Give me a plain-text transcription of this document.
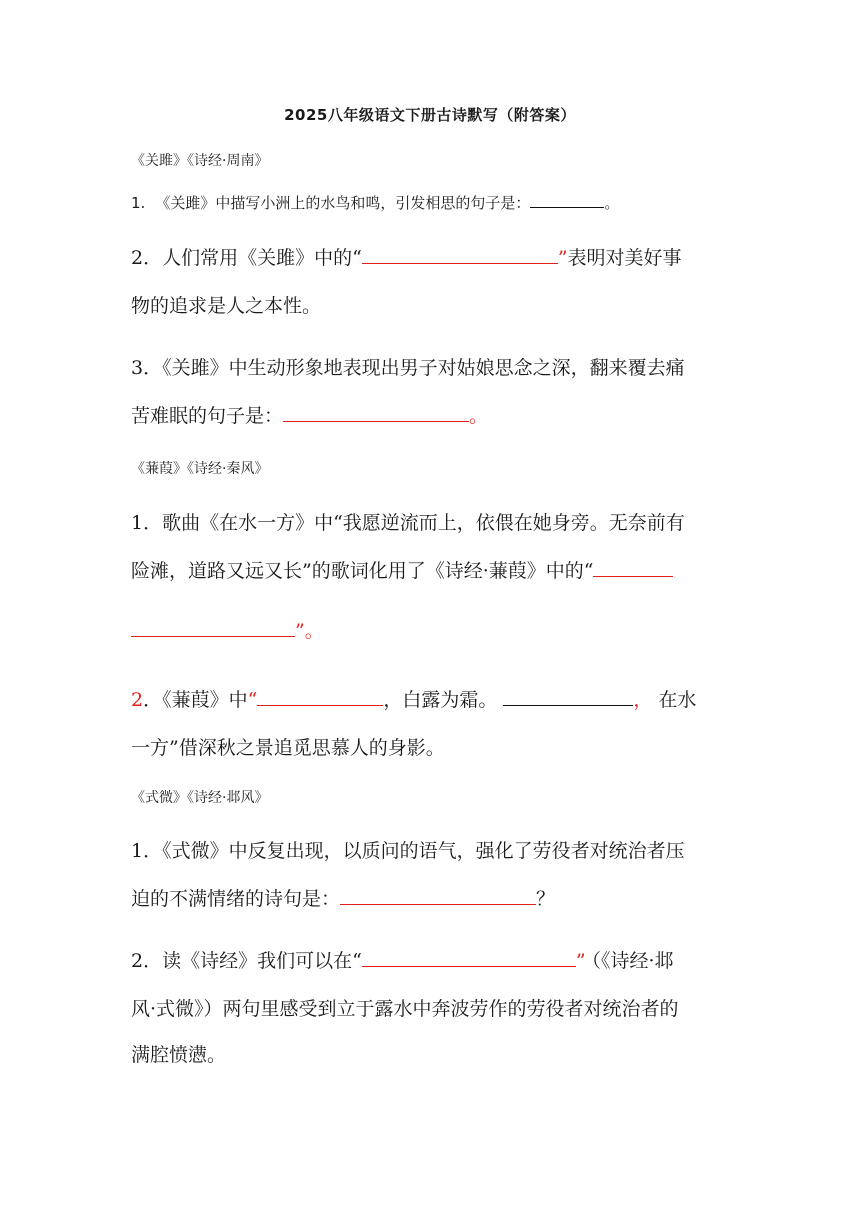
2025八年级语文下册古诗默写（附答案）
《关雎》《诗经·周南》
1. 《关雎》中描写小洲上的水鸟和鸣，引发相思的句子是：	。
2．人们常用《关雎》中的“	”表明对美好事
物的追求是人之本性。
3．《关雎》中生动形象地表现出男子对姑娘思念之深，翻来覆去痛
苦难眠的句子是：	。
《蒹葭》《诗经·秦风》
1．歌曲《在水一方》中“我愿逆流而上，依偎在她身旁。无奈前有
险滩，道路又远又长”的歌词化用了《诗经·蒹葭》中的“
”。
2．《蒹葭》中“	，白露为霜。	， 在水
一方”借深秋之景追觅思慕人的身影。
《式微》《诗经·邶风》
1．《式微》中反复出现，以质问的语气，强化了劳役者对统治者压
迫的不满情绪的诗句是：	？
2．读《诗经》我们可以在“	” （《诗经·邶
风·式微》）两句里感受到立于露水中奔波劳作的劳役者对统治者的
满腔愤懑。
